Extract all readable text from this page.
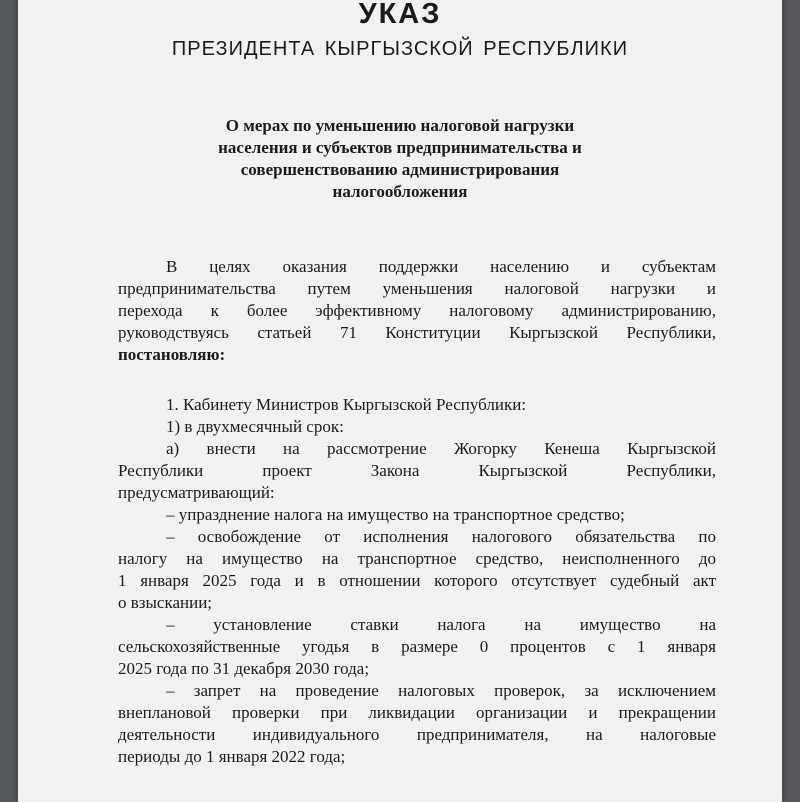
УКАЗ
ПРЕЗИДЕНТА КЫРГЫЗСКОЙ РЕСПУБЛИКИ
О мерах по уменьшению налоговой нагрузки
населения и субъектов предпринимательства и
совершенствованию администрирования
налогообложения
В целях оказания поддержки населению и субъектам
предпринимательства путем уменьшения налоговой нагрузки и
перехода к более эффективному налоговому администрированию,
руководствуясь статьей 71 Конституции Кыргызской Республики,
постановляю:
1. Кабинету Министров Кыргызской Республики:
1) в двухмесячный срок:
а) внести на рассмотрение Жогорку Кенеша Кыргызской
Республики проект Закона Кыргызской Республики,
предусматривающий:
– упразднение налога на имущество на транспортное средство;
– освобождение от исполнения налогового обязательства по
налогу на имущество на транспортное средство, неисполненного до
1 января 2025 года и в отношении которого отсутствует судебный акт
о взыскании;
– установление ставки налога на имущество на
сельскохозяйственные угодья в размере 0 процентов с 1 января
2025 года по 31 декабря 2030 года;
– запрет на проведение налоговых проверок, за исключением
внеплановой проверки при ликвидации организации и прекращении
деятельности индивидуального предпринимателя, на налоговые
периоды до 1 января 2022 года;
